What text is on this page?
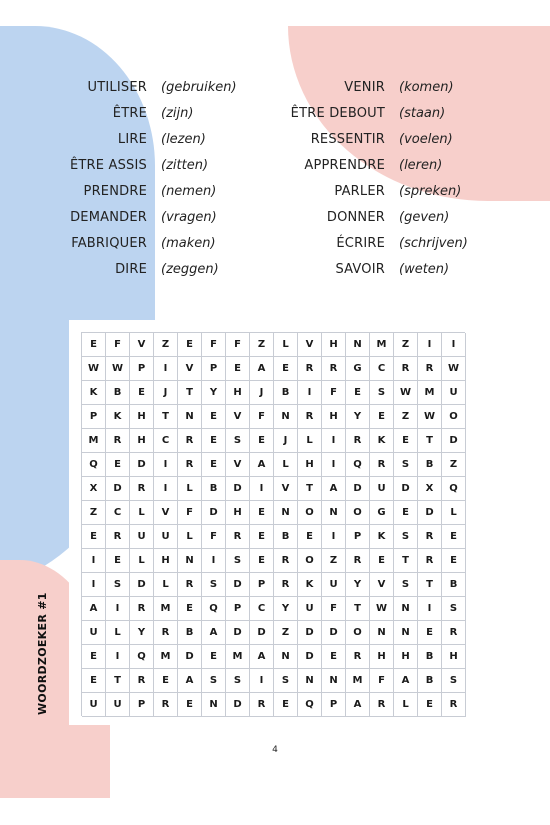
UTILISER (gebruiken)
ÊTRE (zijn)
LIRE (lezen)
ÊTRE ASSIS (zitten)
PRENDRE (nemen)
DEMANDER (vragen)
FABRIQUER (maken)
DIRE (zeggen)
VENIR (komen)
ÊTRE DEBOUT (staan)
RESSENTIR (voelen)
APPRENDRE (leren)
PARLER (spreken)
DONNER (geven)
ÉCRIRE (schrijven)
SAVOIR (weten)
E	F	V	Z	E	F	F	Z	L	V	H	N	M	Z	I	I
W	W	P	I	V	P	E	A	E	R	R	G	C	R	R	W
K	B	E	J	T	Y	H	J	B	I	F	E	S	W	M	U
P	K	H	T	N	E	V	F	N	R	H	Y	E	Z	W	O
M	R	H	C	R	E	S	E	J	L	I	R	K	E	T	D
Q	E	D	I	R	E	V	A	L	H	I	Q	R	S	B	Z
X	D	R	I	L	B	D	I	V	T	A	D	U	D	X	Q
Z	C	L	V	F	D	H	E	N	O	N	O	G	E	D	L
E	R	U	U	L	F	R	E	B	E	I	P	K	S	R	E
I	E	L	H	N	I	S	E	R	O	Z	R	E	T	R	E
I	S	D	L	R	S	D	P	R	K	U	Y	V	S	T	B
A	I	R	M	E	Q	P	C	Y	U	F	T	W	N	I	S
U	L	Y	R	B	A	D	D	Z	D	D	O	N	N	E	R
E	I	Q	M	D	E	M	A	N	D	E	R	H	H	B	H
E	T	R	E	A	S	S	I	S	N	N	M	F	A	B	S
U	U	P	R	E	N	D	R	E	Q	P	A	R	L	E	R
WOORDZOEKER #1
4
